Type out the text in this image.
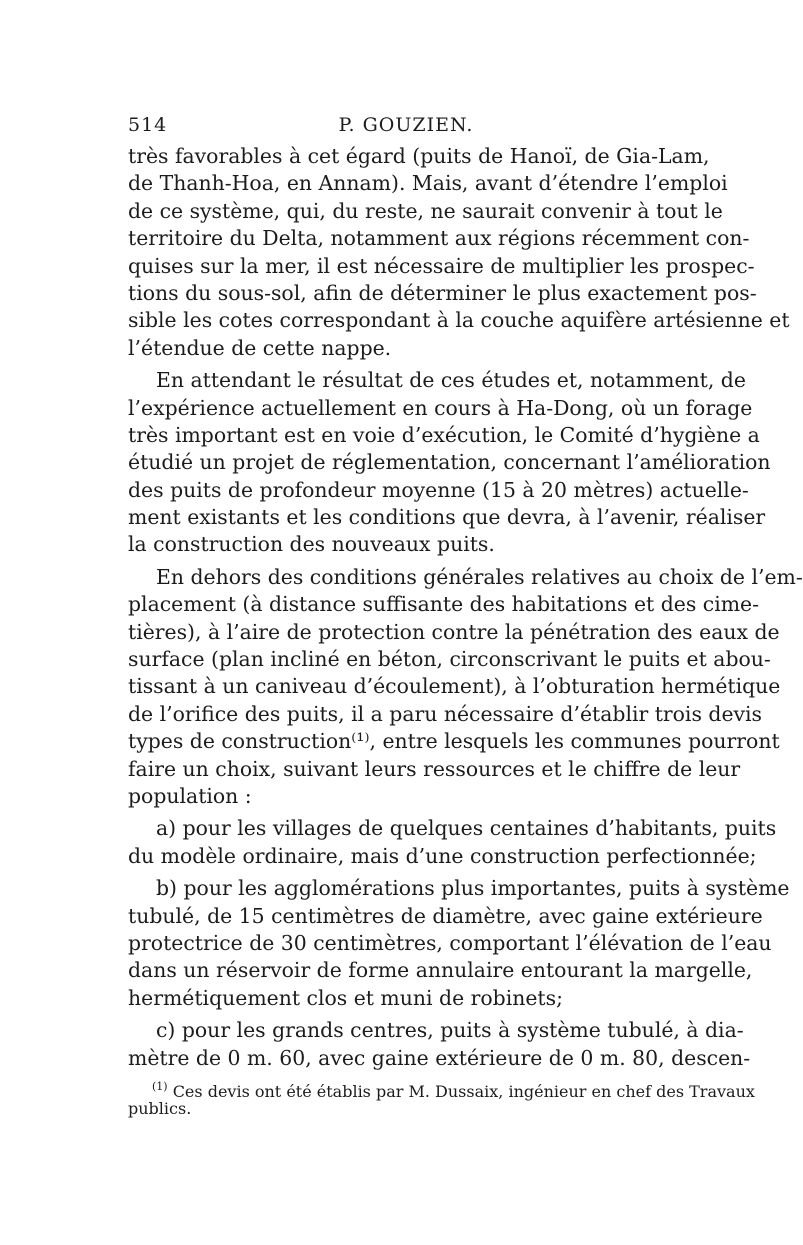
514	P. GOUZIEN.

très favorables à cet égard (puits de Hanoï, de Gia-Lam,
de Thanh-Hoa, en Annam). Mais, avant d’étendre l’emploi
de ce système, qui, du reste, ne saurait convenir à tout le
territoire du Delta, notamment aux régions récemment con-
quises sur la mer, il est nécessaire de multiplier les prospec-
tions du sous-sol, afin de déterminer le plus exactement pos-
sible les cotes correspondant à la couche aquifère artésienne et
l’étendue de cette nappe.

En attendant le résultat de ces études et, notamment, de
l’expérience actuellement en cours à Ha-Dong, où un forage
très important est en voie d’exécution, le Comité d’hygiène a
étudié un projet de réglementation, concernant l’amélioration
des puits de profondeur moyenne (15 à 20 mètres) actuelle-
ment existants et les conditions que devra, à l’avenir, réaliser
la construction des nouveaux puits.

En dehors des conditions générales relatives au choix de l’em-
placement (à distance suffisante des habitations et des cime-
tières), à l’aire de protection contre la pénétration des eaux de
surface (plan incliné en béton, circonscrivant le puits et abou-
tissant à un caniveau d’écoulement), à l’obturation hermétique
de l’orifice des puits, il a paru nécessaire d’établir trois devis
types de construction⁽¹⁾, entre lesquels les communes pourront
faire un choix, suivant leurs ressources et le chiffre de leur
population :

a) pour les villages de quelques centaines d’habitants, puits
du modèle ordinaire, mais d’une construction perfectionnée;

b) pour les agglomérations plus importantes, puits à système
tubulé, de 15 centimètres de diamètre, avec gaine extérieure
protectrice de 30 centimètres, comportant l’élévation de l’eau
dans un réservoir de forme annulaire entourant la margelle,
hermétiquement clos et muni de robinets;

c) pour les grands centres, puits à système tubulé, à dia-
mètre de 0 m. 60, avec gaine extérieure de 0 m. 80, descen-

$^{(1)}$ Ces devis ont été établis par M. Dussaix, ingénieur en chef des Travaux
publics.
